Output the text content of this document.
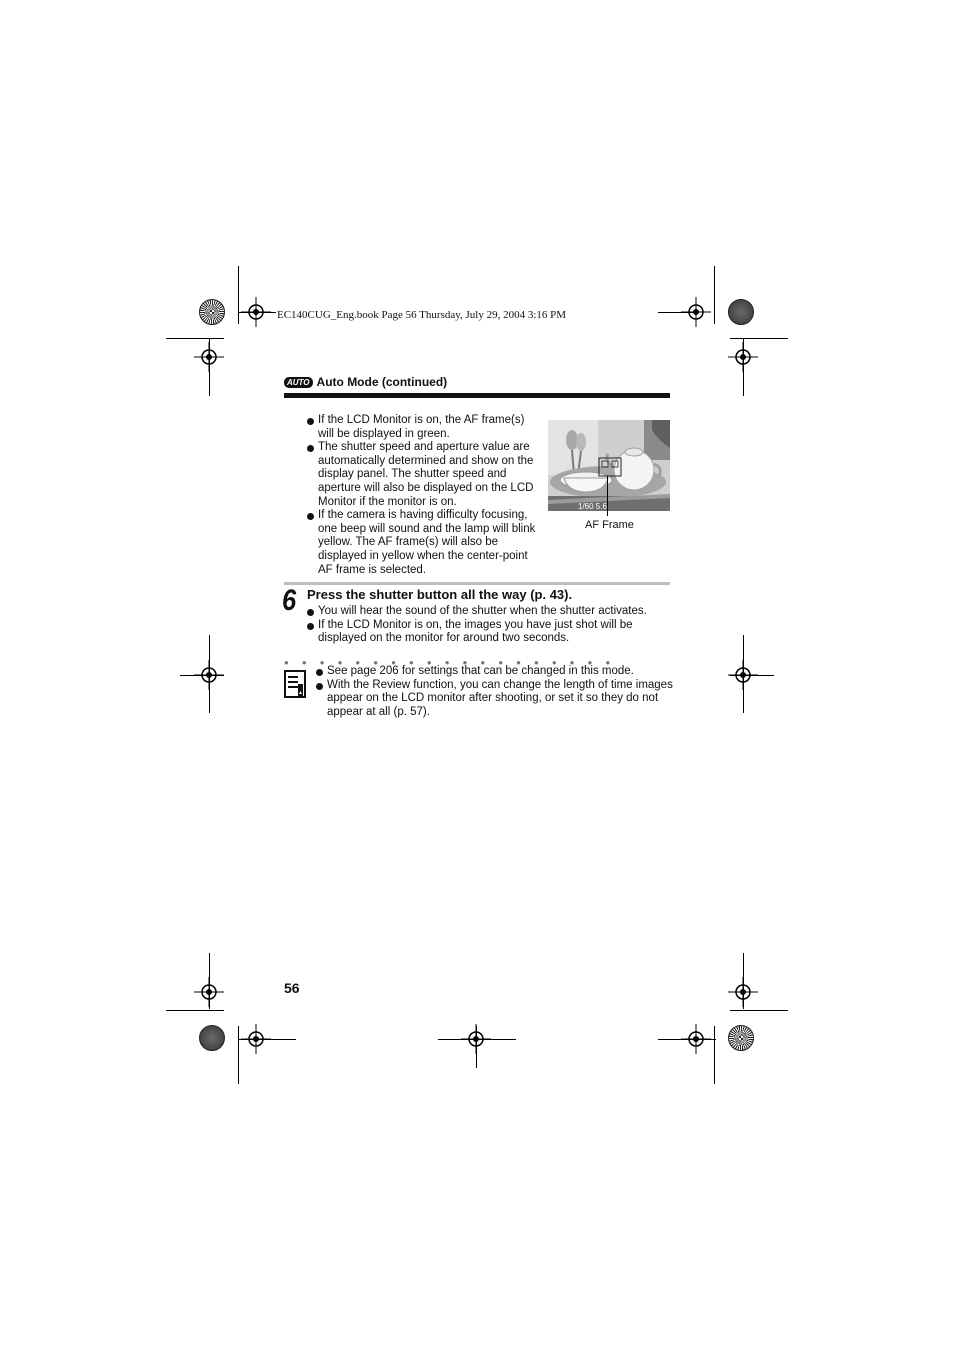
EC140CUG_Eng.book Page 56 Thursday, July 29, 2004 3:16 PM
AUTO Auto Mode (continued)
If the LCD Monitor is on, the AF frame(s) will be displayed in green.
The shutter speed and aperture value are automatically determined and show on the display panel. The shutter speed and aperture will also be displayed on the LCD Monitor if the monitor is on.
If the camera is having difficulty focusing, one beep will sound and the lamp will blink yellow. The AF frame(s) will also be displayed in yellow when the center-point AF frame is selected.
1/60 5.6
AF Frame
6 Press the shutter button all the way (p. 43).
You will hear the sound of the shutter when the shutter activates.
If the LCD Monitor is on, the images you have just shot will be displayed on the monitor for around two seconds.
● ● ● ● ● ● ● ● ● ● ● ● ● ● ● ● ● ● ●
See page 206 for settings that can be changed in this mode.
With the Review function, you can change the length of time images appear on the LCD monitor after shooting, or set it so they do not appear at all (p. 57).
56
